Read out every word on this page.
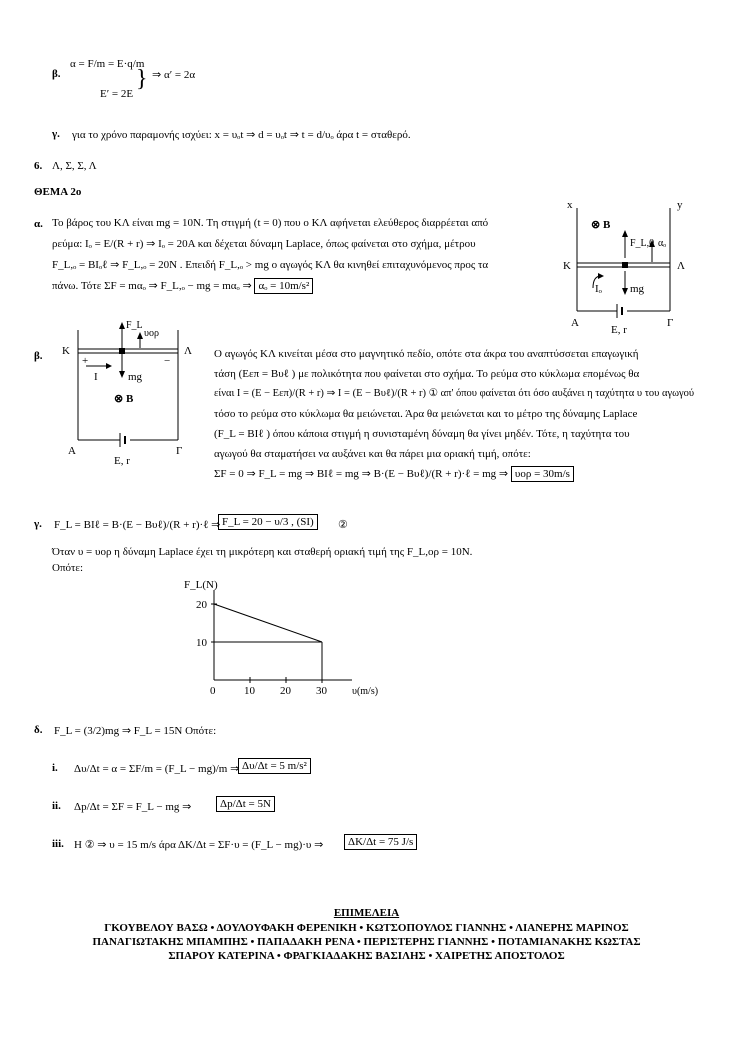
β.
α = F/m = E·q/m
E′ = 2E
} ⇒ α′ = 2α
γ. για το χρόνο παραμονής ισχύει: x = υₒt ⇒ d = υₒt ⇒ t = d/υₒ άρα t = σταθερό.
6. Λ, Σ, Σ, Λ
ΘΕΜΑ 2ο
α. Το βάρος του ΚΛ είναι mg = 10N. Τη στιγμή (t = 0) που ο ΚΛ αφήνεται ελεύθερος διαρρέεται από
ρεύμα: Iₒ = E/(R + r) ⇒ Iₒ = 20A και δέχεται δύναμη Laplace, όπως φαίνεται στο σχήμα, μέτρου
F_L,ₒ = BIₒℓ ⇒ F_L,ₒ = 20N . Επειδή F_L,ₒ > mg ο αγωγός ΚΛ θα κινηθεί επιταχυνόμενος προς τα
πάνω. Τότε ΣF = mαₒ ⇒ F_L,ₒ − mg = mαₒ ⇒ αₒ = 10m/s²
x	y
⊗ B
F_L,0 αₒ
Κ	Λ
Iₒ	mg
Α	Γ
E, r
β.
F_L
υορ
Κ	Λ
+	−
I	mg
⊗ B
Α	Γ
E, r
Ο αγωγός ΚΛ κινείται μέσα στο μαγνητικό πεδίο, οπότε στα άκρα του αναπτύσσεται επαγωγική
τάση (Eεπ = Bυℓ ) με πολικότητα που φαίνεται στο σχήμα. Το ρεύμα στο κύκλωμα επομένως θα
είναι I = (E − Eεπ)/(R + r) ⇒ I = (E − Bυℓ)/(R + r) ① απ' όπου φαίνεται ότι όσο αυξάνει η ταχύτητα υ του αγωγού
τόσο το ρεύμα στο κύκλωμα θα μειώνεται. Άρα θα μειώνεται και το μέτρο της δύναμης Laplace
(F_L = BIℓ ) όπου κάποια στιγμή η συνισταμένη δύναμη θα γίνει μηδέν. Τότε, η ταχύτητα του
αγωγού θα σταματήσει να αυξάνει και θα πάρει μια οριακή τιμή, οπότε:
ΣF = 0 ⇒ F_L = mg ⇒ BIℓ = mg ⇒ B·(E − Bυℓ)/(R + r)·ℓ = mg ⇒ υορ = 30m/s
γ. F_L = BIℓ = B·(E − Bυℓ)/(R + r)·ℓ ⇒ F_L = 20 − υ/3 , (SI)	②
Όταν υ = υορ η δύναμη Laplace έχει τη μικρότερη και σταθερή οριακή τιμή της F_L,ορ = 10N.
Οπότε:
F_L(N)
υ(m/s)
0	10 20 30
10
20
δ. F_L = (3/2)mg ⇒ F_L = 15N Οπότε:
i. Δυ/Δt = α = ΣF/m = (F_L − mg)/m ⇒ Δυ/Δt = 5 m/s²
ii. Δp/Δt = ΣF = F_L − mg ⇒	Δp/Δt = 5N
iii. Η ② ⇒ υ = 15 m/s άρα ΔK/Δt = ΣF·υ = (F_L − mg)·υ ⇒	ΔK/Δt = 75 J/s
ΕΠΙΜΕΛΕΙΑ
ΓΚΟΥΒΕΛΟΥ ΒΑΣΩ • ΔΟΥΛΟΥΦΑΚΗ ΦΕΡΕΝΙΚΗ • ΚΩΤΣΟΠΟΥΛΟΣ ΓΙΑΝΝΗΣ • ΛΙΑΝΕΡΗΣ ΜΑΡΙΝΟΣ
ΠΑΝΑΓΙΩΤΑΚΗΣ ΜΠΑΜΠΗΣ • ΠΑΠΑΔΑΚΗ ΡΕΝΑ • ΠΕΡΙΣΤΕΡΗΣ ΓΙΑΝΝΗΣ • ΠΟΤΑΜΙΑΝΑΚΗΣ ΚΩΣΤΑΣ
ΣΠΑΡΟΥ ΚΑΤΕΡΙΝΑ • ΦΡΑΓΚΙΑΔΑΚΗΣ ΒΑΣΙΛΗΣ • ΧΑΙΡΕΤΗΣ ΑΠΟΣΤΟΛΟΣ
